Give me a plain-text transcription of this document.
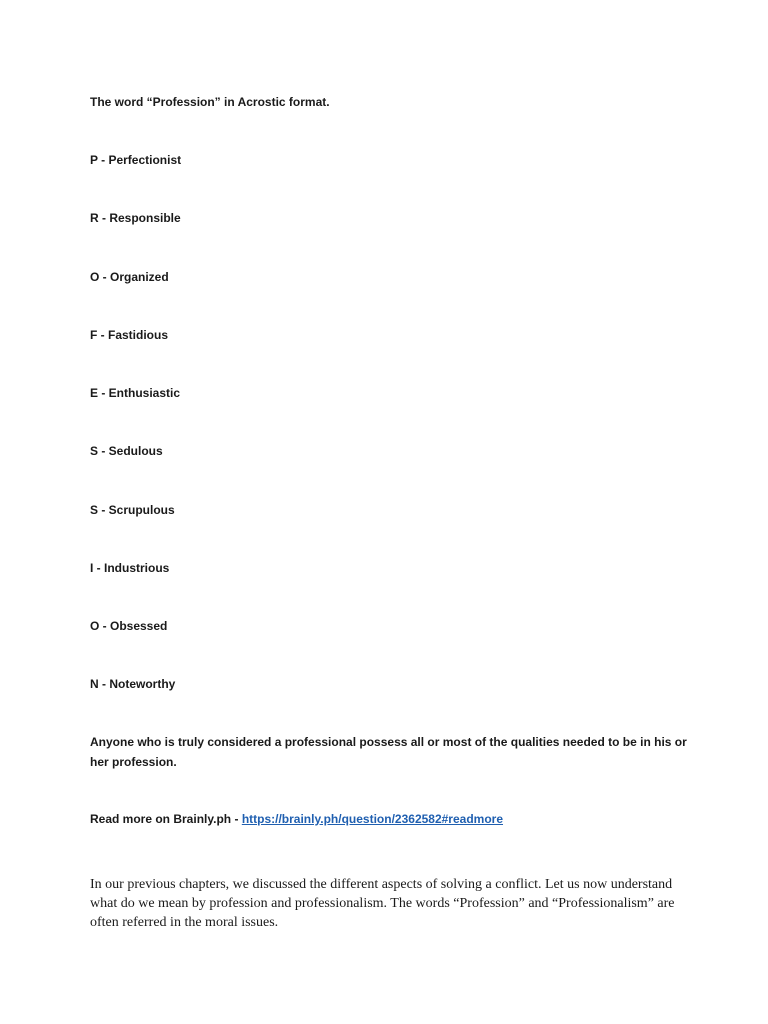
The word “Profession” in Acrostic format.
P - Perfectionist
R - Responsible
O - Organized
F - Fastidious
E - Enthusiastic
S - Sedulous
S - Scrupulous
I - Industrious
O - Obsessed
N - Noteworthy
Anyone who is truly considered a professional possess all or most of the qualities needed to be in his or her profession.
Read more on Brainly.ph - https://brainly.ph/question/2362582#readmore
In our previous chapters, we discussed the different aspects of solving a conflict. Let us now understand what do we mean by profession and professionalism. The words “Profession” and “Professionalism” are often referred in the moral issues.
